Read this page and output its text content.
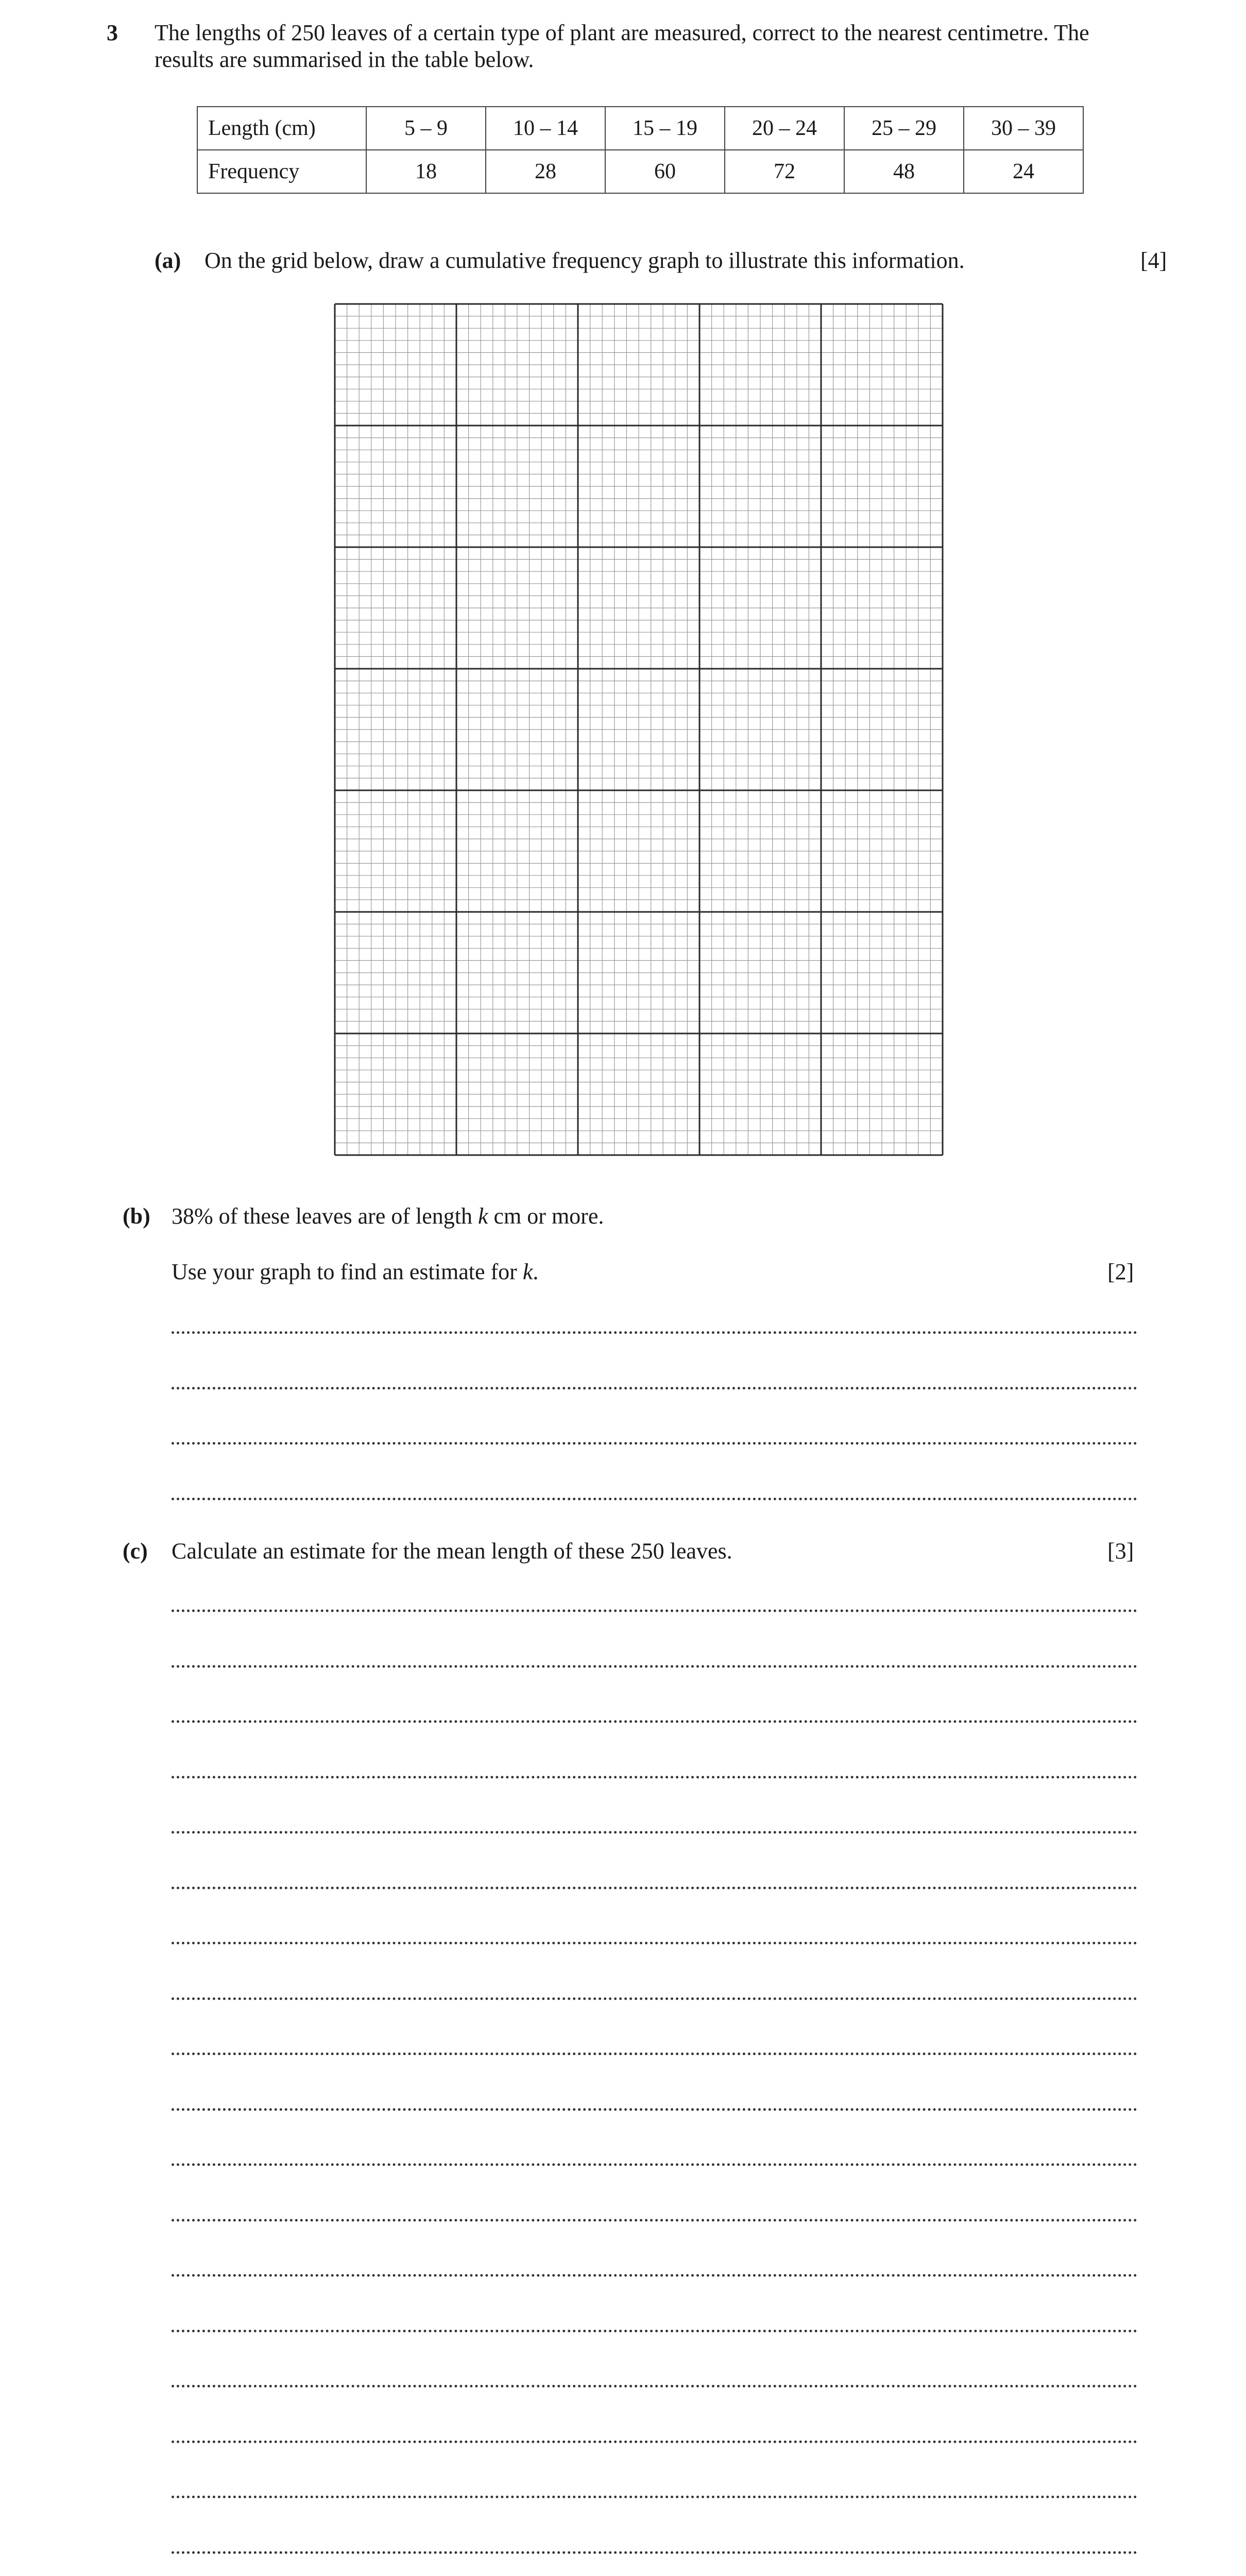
3 The lengths of 250 leaves of a certain type of plant are measured, correct to the nearest centimetre. The
results are summarised in the table below.
Length (cm)	5 – 9	10 – 14	15 – 19	20 – 24	25 – 29	30 – 39
Frequency	18	28	60	72	48	24
(a) On the grid below, draw a cumulative frequency graph to illustrate this information.	[4]
(b) 38% of these leaves are of length k cm or more.
Use your graph to find an estimate for k.	[2]
(c) Calculate an estimate for the mean length of these 250 leaves.	[3]
